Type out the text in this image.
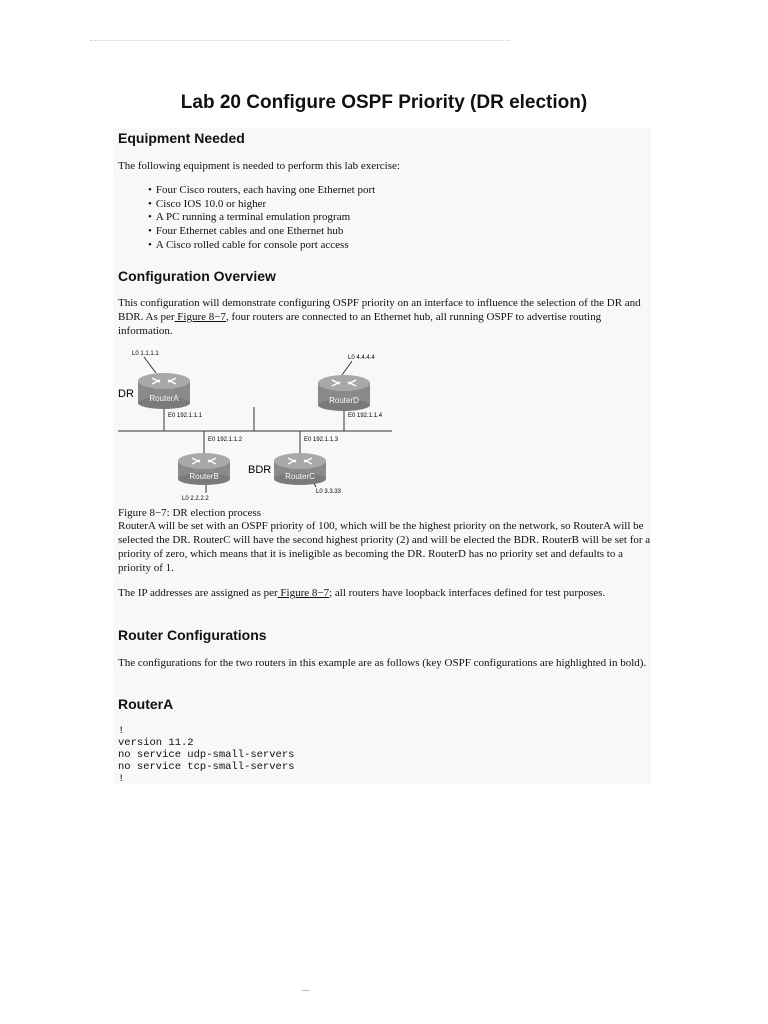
Lab 20 Configure OSPF Priority (DR election)
Equipment Needed

The following equipment is needed to perform this lab exercise:

• Four Cisco routers, each having one Ethernet port
• Cisco IOS 10.0 or higher
• A PC running a terminal emulation program
• Four Ethernet cables and one Ethernet hub
• A Cisco rolled cable for console port access
Configuration Overview

This configuration will demonstrate configuring OSPF priority on an interface to influence the selection of the DR and BDR. As per Figure 8−7, four routers are connected to an Ethernet hub, all running OSPF to advertise routing information.

RouterA	RouterD
RouterB	RouterC
L0 1.1.1.1
L0 4.4.4.4
L0 2.2.2.2
L0 3.3.33
E0 192.1.1.1	E0 192.1.1.4
E0 192.1.1.2	E0 192.1.1.3
DR
BDR

Figure 8−7: DR election process

RouterA will be set with an OSPF priority of 100, which will be the highest priority on the network, so RouterA will be selected the DR. RouterC will have the second highest priority (2) and will be elected the BDR. RouterB will be set for a priority of zero, which means that it is ineligible as becoming the DR. RouterD has no priority set and defaults to a priority of 1.

The IP addresses are assigned as per Figure 8−7; all routers have loopback interfaces defined for test purposes.

Router Configurations

The configurations for the two routers in this example are as follows (key OSPF configurations are highlighted in bold).

RouterA
!
version 11.2
no service udp-small-servers
no service tcp-small-servers
!
